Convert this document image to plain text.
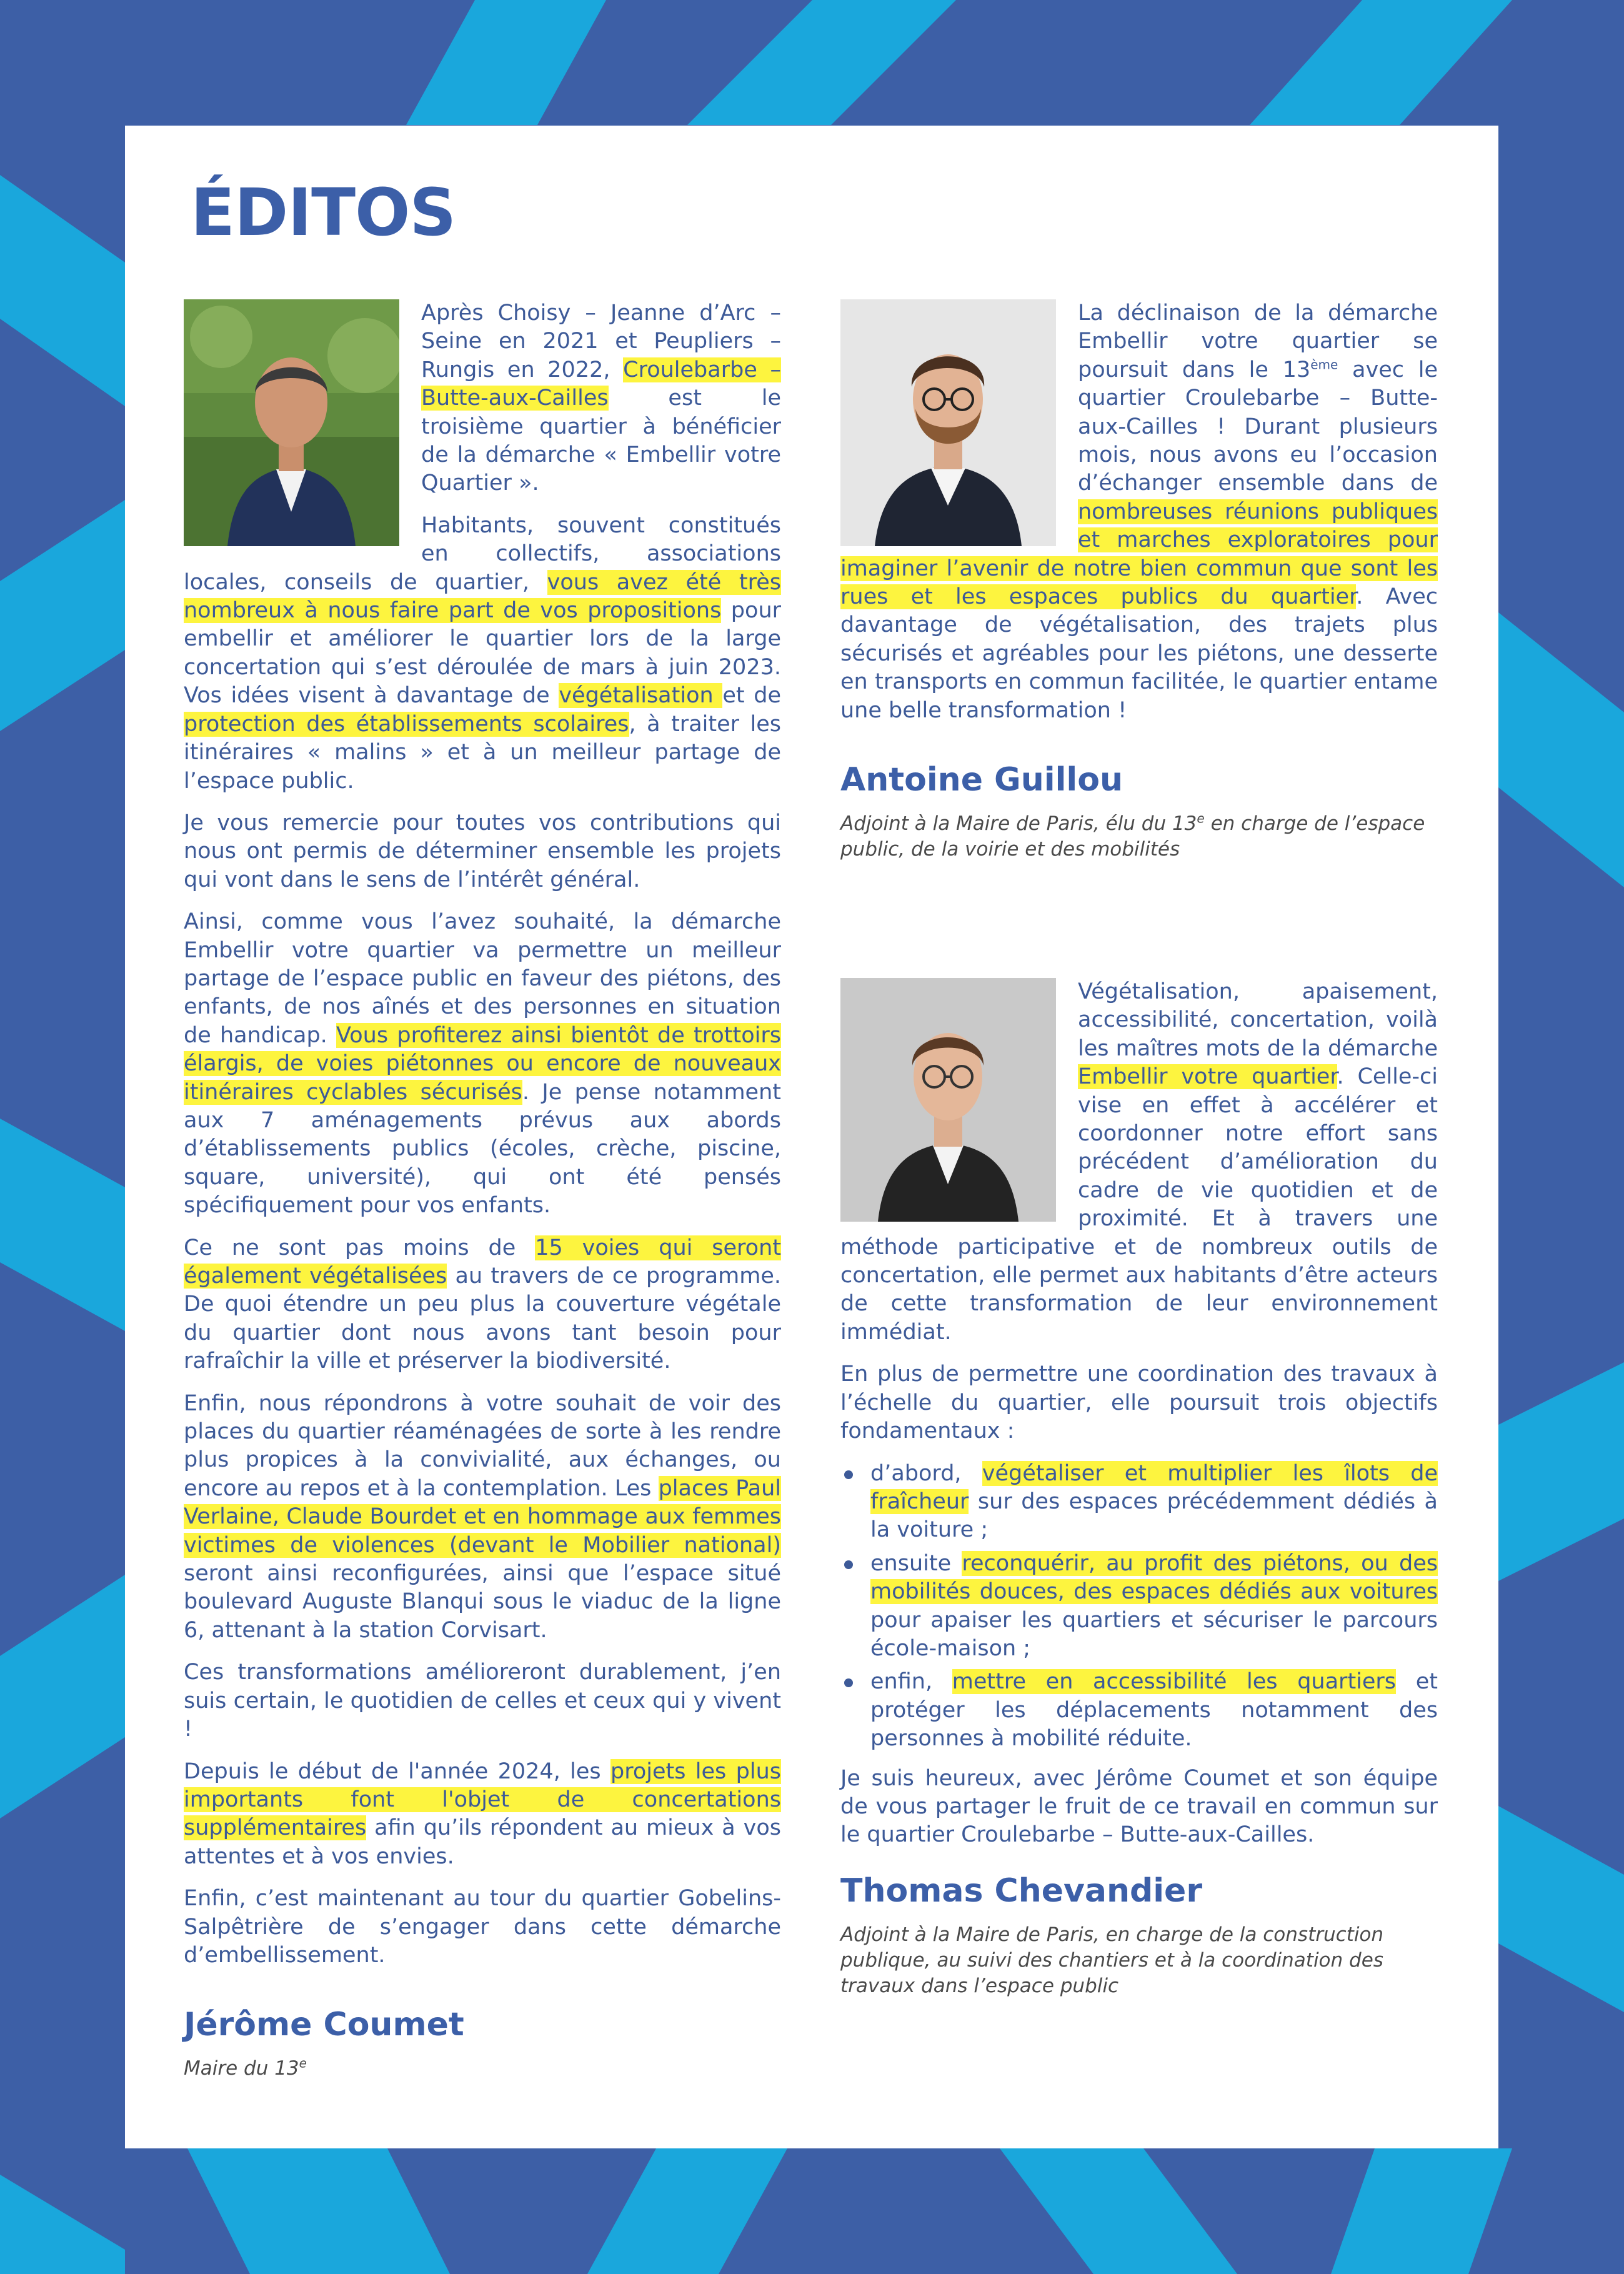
ÉDITOS

Après Choisy – Jeanne d’Arc – Seine en 2021 et Peupliers – Rungis en 2022, Croulebarbe – Butte-aux-Cailles est le troisième quartier à bénéficier de la démarche « Embellir votre Quartier ».

Habitants, souvent constitués en collectifs, associations locales, conseils de quartier, vous avez été très nombreux à nous faire part de vos propositions pour embellir et améliorer le quartier lors de la large concertation qui s’est déroulée de mars à juin 2023. Vos idées visent à davantage de végétalisation et de protection des établissements scolaires, à traiter les itinéraires « malins » et à un meilleur partage de l’espace public.

Je vous remercie pour toutes vos contributions qui nous ont permis de déterminer ensemble les projets qui vont dans le sens de l’intérêt général.

Ainsi, comme vous l’avez souhaité, la démarche Embellir votre quartier va permettre un meilleur partage de l’espace public en faveur des piétons, des enfants, de nos aînés et des personnes en situation de handicap. Vous profiterez ainsi bientôt de trottoirs élargis, de voies piétonnes ou encore de nouveaux itinéraires cyclables sécurisés. Je pense notamment aux 7 aménagements prévus aux abords d’établissements publics (écoles, crèche, piscine, square, université), qui ont été pensés spécifiquement pour vos enfants.

Ce ne sont pas moins de 15 voies qui seront également végétalisées au travers de ce programme. De quoi étendre un peu plus la couverture végétale du quartier dont nous avons tant besoin pour rafraîchir la ville et préserver la biodiversité.

Enfin, nous répondrons à votre souhait de voir des places du quartier réaménagées de sorte à les rendre plus propices à la convivialité, aux échanges, ou encore au repos et à la contemplation. Les places Paul Verlaine, Claude Bourdet et en hommage aux femmes victimes de violences (devant le Mobilier national) seront ainsi reconfigurées, ainsi que l’espace situé boulevard Auguste Blanqui sous le viaduc de la ligne 6, attenant à la station Corvisart.

Ces transformations amélioreront durablement, j’en suis certain, le quotidien de celles et ceux qui y vivent !

Depuis le début de l'année 2024, les projets les plus importants font l'objet de concertations supplémentaires afin qu’ils répondent au mieux à vos attentes et à vos envies.

Enfin, c’est maintenant au tour du quartier Gobelins-Salpêtrière de s’engager dans cette démarche d’embellissement.

Jérôme Coumet

Maire du 13e

La déclinaison de la démarche Embellir votre quartier se poursuit dans le 13ème avec le quartier Croulebarbe – Butte-aux-Cailles ! Durant plusieurs mois, nous avons eu l’occasion d’échanger ensemble dans de nombreuses réunions publiques et marches exploratoires pour imaginer l’avenir de notre bien commun que sont les rues et les espaces publics du quartier. Avec davantage de végétalisation, des trajets plus sécurisés et agréables pour les piétons, une desserte en transports en commun facilitée, le quartier entame une belle transformation !

Antoine Guillou

Adjoint à la Maire de Paris, élu du 13e en charge de l’espace public, de la voirie et des mobilités

Végétalisation, apaisement, accessibilité, concertation, voilà les maîtres mots de la démarche Embellir votre quartier. Celle-ci vise en effet à accélérer et coordonner notre effort sans précédent d’amélioration du cadre de vie quotidien et de proximité. Et à travers une méthode participative et de nombreux outils de concertation, elle permet aux habitants d’être acteurs de cette transformation de leur environnement immédiat.

En plus de permettre une coordination des travaux à l’échelle du quartier, elle poursuit trois objectifs fondamentaux :

d’abord, végétaliser et multiplier les îlots de fraîcheur sur des espaces précédemment dédiés à la voiture ;
ensuite reconquérir, au profit des piétons, ou des mobilités douces, des espaces dédiés aux voitures pour apaiser les quartiers et sécuriser le parcours école-maison ;
enfin, mettre en accessibilité les quartiers et protéger les déplacements notamment des personnes à mobilité réduite.

Je suis heureux, avec Jérôme Coumet et son équipe de vous partager le fruit de ce travail en commun sur le quartier Croulebarbe – Butte-aux-Cailles.

Thomas Chevandier

Adjoint à la Maire de Paris, en charge de la construction publique, au suivi des chantiers et à la coordination des travaux dans l’espace public
